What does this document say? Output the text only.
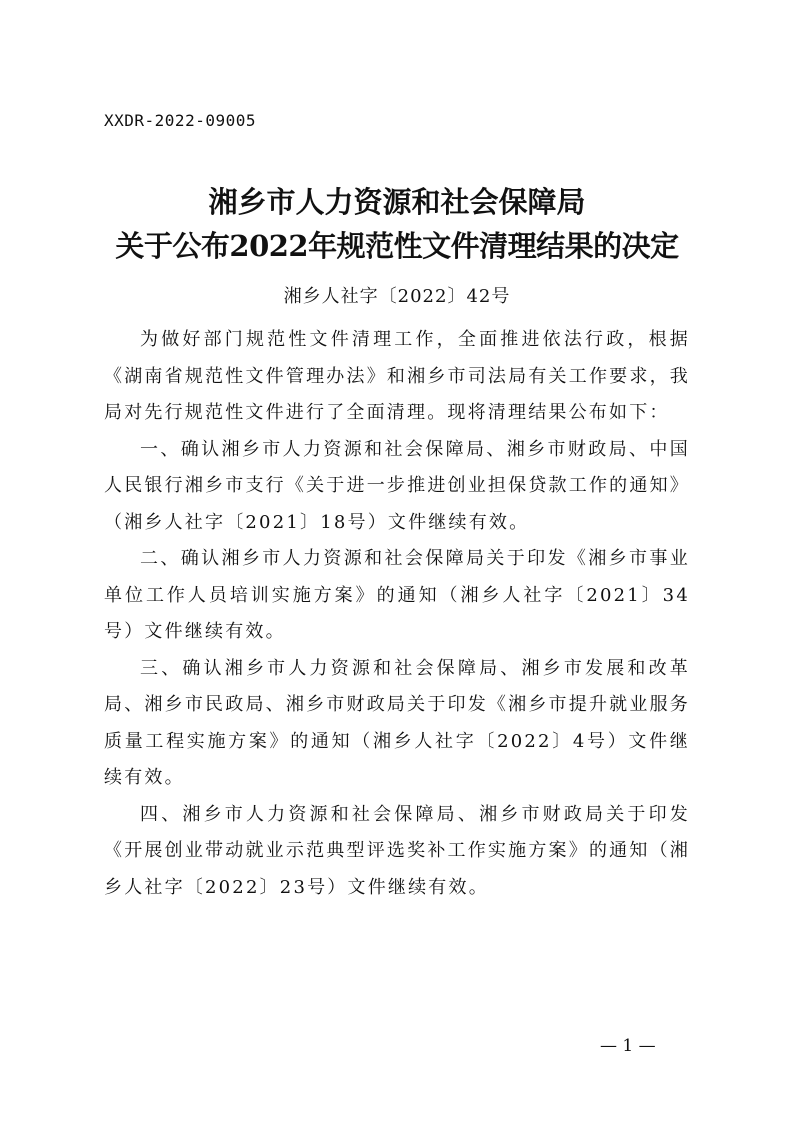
XXDR-2022-09005
湘乡市人力资源和社会保障局
关于公布2022年规范性文件清理结果的决定
湘乡人社字〔2022〕42号

为做好部门规范性文件清理工作，全面推进依法行政，根据《湖南省规范性文件管理办法》和湘乡市司法局有关工作要求，我局对先行规范性文件进行了全面清理。现将清理结果公布如下：

一、确认湘乡市人力资源和社会保障局、湘乡市财政局、中国人民银行湘乡市支行《关于进一步推进创业担保贷款工作的通知》（湘乡人社字〔2021〕18号）文件继续有效。

二、确认湘乡市人力资源和社会保障局关于印发《湘乡市事业单位工作人员培训实施方案》的通知（湘乡人社字〔2021〕34号）文件继续有效。

三、确认湘乡市人力资源和社会保障局、湘乡市发展和改革局、湘乡市民政局、湘乡市财政局关于印发《湘乡市提升就业服务质量工程实施方案》的通知（湘乡人社字〔2022〕4号）文件继续有效。

四、湘乡市人力资源和社会保障局、湘乡市财政局关于印发《开展创业带动就业示范典型评选奖补工作实施方案》的通知（湘乡人社字〔2022〕23号）文件继续有效。

— 1 —
